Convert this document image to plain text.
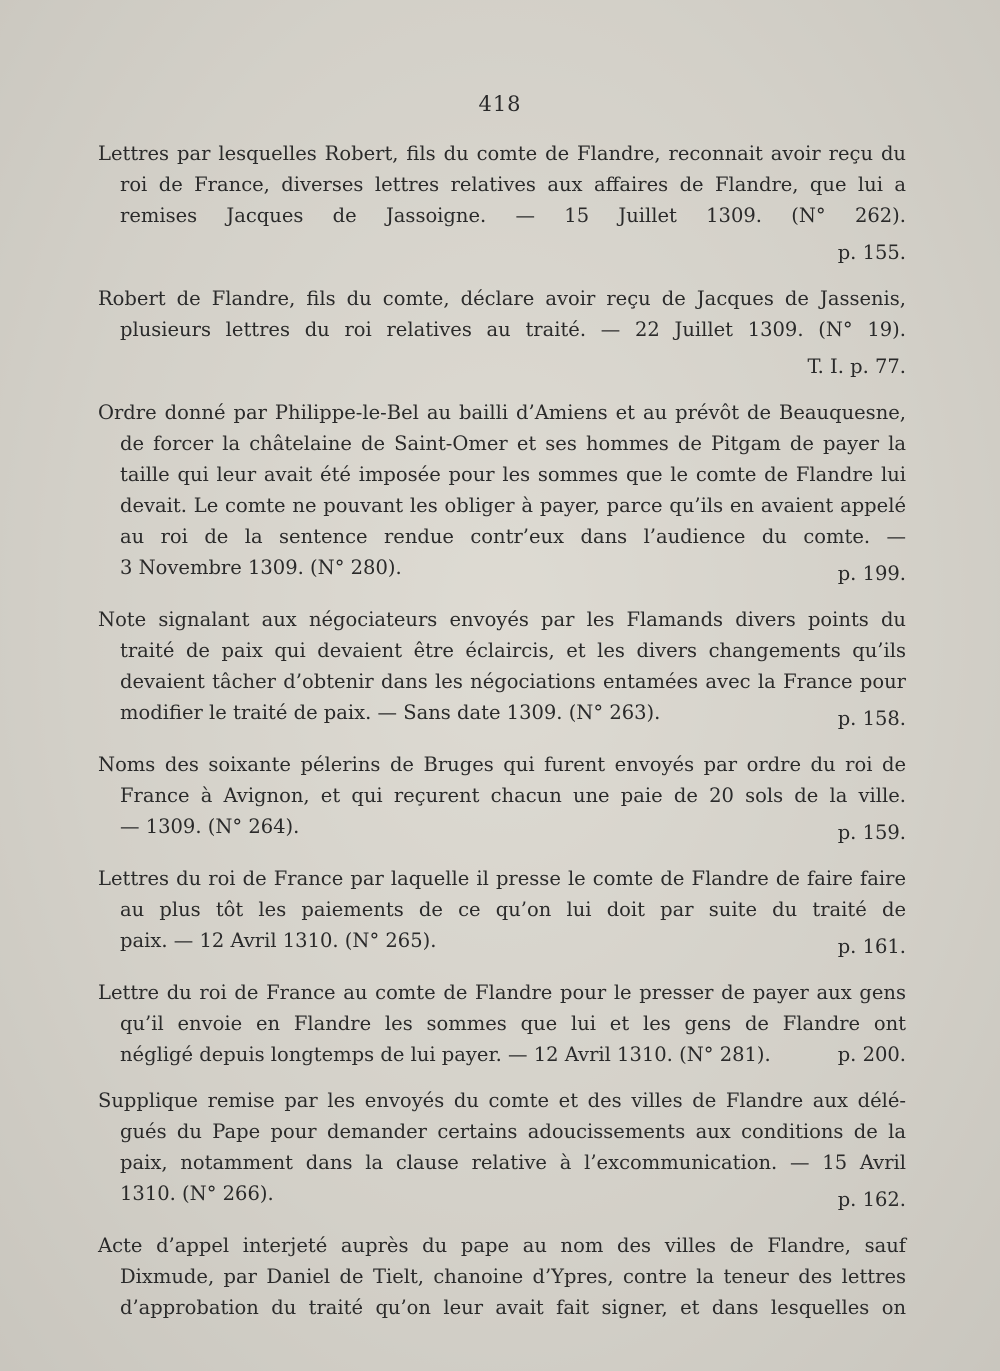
418
Lettres par lesquelles Robert, fils du comte de Flandre, reconnait avoir reçu du roi de France, diverses lettres relatives aux affaires de Flandre, que lui a remises Jacques de Jassoigne. — 15 Juillet 1309. (N° 262).
p. 155.
Robert de Flandre, fils du comte, déclare avoir reçu de Jacques de Jassenis, plusieurs lettres du roi relatives au traité. — 22 Juillet 1309. (N° 19).
T. I. p. 77.
Ordre donné par Philippe-le-Bel au bailli d’Amiens et au prévôt de Beauquesne, de forcer la châtelaine de Saint-Omer et ses hommes de Pitgam de payer la taille qui leur avait été imposée pour les sommes que le comte de Flandre lui devait. Le comte ne pouvant les obliger à payer, parce qu’ils en avaient appelé au roi de la sentence rendue contr’eux dans l’audience du comte. —
3 Novembre 1309. (N° 280).	p. 199.
Note signalant aux négociateurs envoyés par les Flamands divers points du traité de paix qui devaient être éclaircis, et les divers changements qu’ils devaient tâcher d’obtenir dans les négociations entamées avec la France pour
modifier le traité de paix. — Sans date 1309. (N° 263).	p. 158.
Noms des soixante pélerins de Bruges qui furent envoyés par ordre du roi de France à Avignon, et qui reçurent chacun une paie de 20 sols de la ville.
— 1309. (N° 264).	p. 159.
Lettres du roi de France par laquelle il presse le comte de Flandre de faire faire au plus tôt les paiements de ce qu’on lui doit par suite du traité de
paix. — 12 Avril 1310. (N° 265).	p. 161.
Lettre du roi de France au comte de Flandre pour le presser de payer aux gens qu’il envoie en Flandre les sommes que lui et les gens de Flandre ont
négligé depuis longtemps de lui payer. — 12 Avril 1310. (N° 281).	p. 200.
Supplique remise par les envoyés du comte et des villes de Flandre aux délé-gués du Pape pour demander certains adoucissements aux conditions de la paix, notamment dans la clause relative à l’excommunication. — 15 Avril
1310. (N° 266).	p. 162.
Acte d’appel interjeté auprès du pape au nom des villes de Flandre, sauf Dixmude, par Daniel de Tielt, chanoine d’Ypres, contre la teneur des lettres d’approbation du traité qu’on leur avait fait signer, et dans lesquelles on
